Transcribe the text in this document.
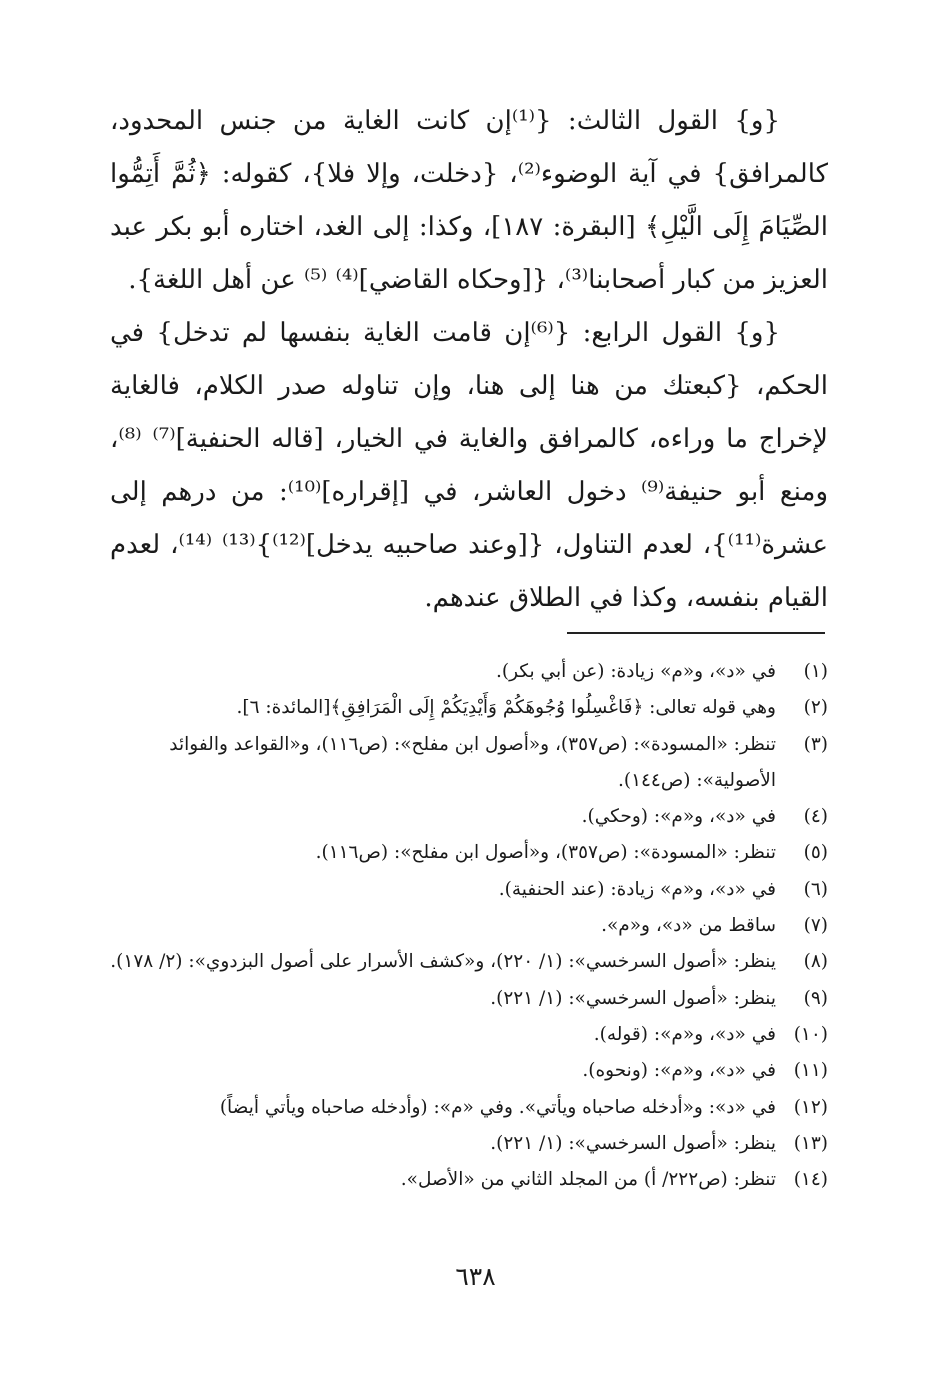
{و} القول الثالث: {⁽¹⁾إن كانت الغاية من جنس المحدود، كالمرافق} في آية الوضوء⁽²⁾، {دخلت، وإلا فلا}، كقوله: ﴿ثُمَّ أَتِمُّوا الصِّيَامَ إِلَى الَّيْلِ﴾ [البقرة: ١٨٧]، وكذا: إلى الغد، اختاره أبو بكر عبد العزيز من كبار أصحابنا⁽³⁾، {[وحكاه القاضي]⁽⁴⁾ ⁽⁵⁾ عن أهل اللغة}.

{و} القول الرابع: {⁽⁶⁾إن قامت الغاية بنفسها لم تدخل} في الحكم، {كبعتك من هنا إلى هنا، وإن تناوله صدر الكلام، فالغاية لإخراج ما وراءه، كالمرافق والغاية في الخيار، [قاله الحنفية]⁽⁷⁾ ⁽⁸⁾، ومنع أبو حنيفة⁽⁹⁾ دخول العاشر، في [إقراره]⁽¹⁰⁾: من درهم إلى عشرة⁽¹¹⁾}، لعدم التناول، {[وعند صاحبيه يدخل]⁽¹²⁾}⁽¹³⁾ ⁽¹⁴⁾، لعدم القيام بنفسه، وكذا في الطلاق عندهم.

(١)
في «د»، و«م» زيادة: (عن أبي بكر).
(٢)
وهي قوله تعالى: ﴿فَاغْسِلُوا وُجُوهَكُمْ وَأَيْدِيَكُمْ إِلَى الْمَرَافِقِ﴾[المائدة: ٦].
(٣)
تنظر: «المسودة»: (ص٣٥٧)، و«أصول ابن مفلح»: (ص١١٦)، و«القواعد والفوائد الأصولية»: (ص١٤٤).
(٤)
في «د»، و«م»: (وحكي).
(٥)
تنظر: «المسودة»: (ص٣٥٧)، و«أصول ابن مفلح»: (ص١١٦).
(٦)
في «د»، و«م» زيادة: (عند الحنفية).
(٧)
ساقط من «د»، و«م».
(٨)
ينظر: «أصول السرخسي»: (١/ ٢٢٠)، و«كشف الأسرار على أصول البزدوي»: (٢/ ١٧٨).
(٩)
ينظر: «أصول السرخسي»: (١/ ٢٢١).
(١٠)
في «د»، و«م»: (قوله).
(١١)
في «د»، و«م»: (ونحوه).
(١٢)
في «د»: و«أدخله صاحباه ويأتي». وفي «م»: (وأدخله صاحباه ويأتي أيضاً)
(١٣)
ينظر: «أصول السرخسي»: (١/ ٢٢١).
(١٤)
تنظر: (ص٢٢٢/ أ) من المجلد الثاني من «الأصل».
٦٣٨
